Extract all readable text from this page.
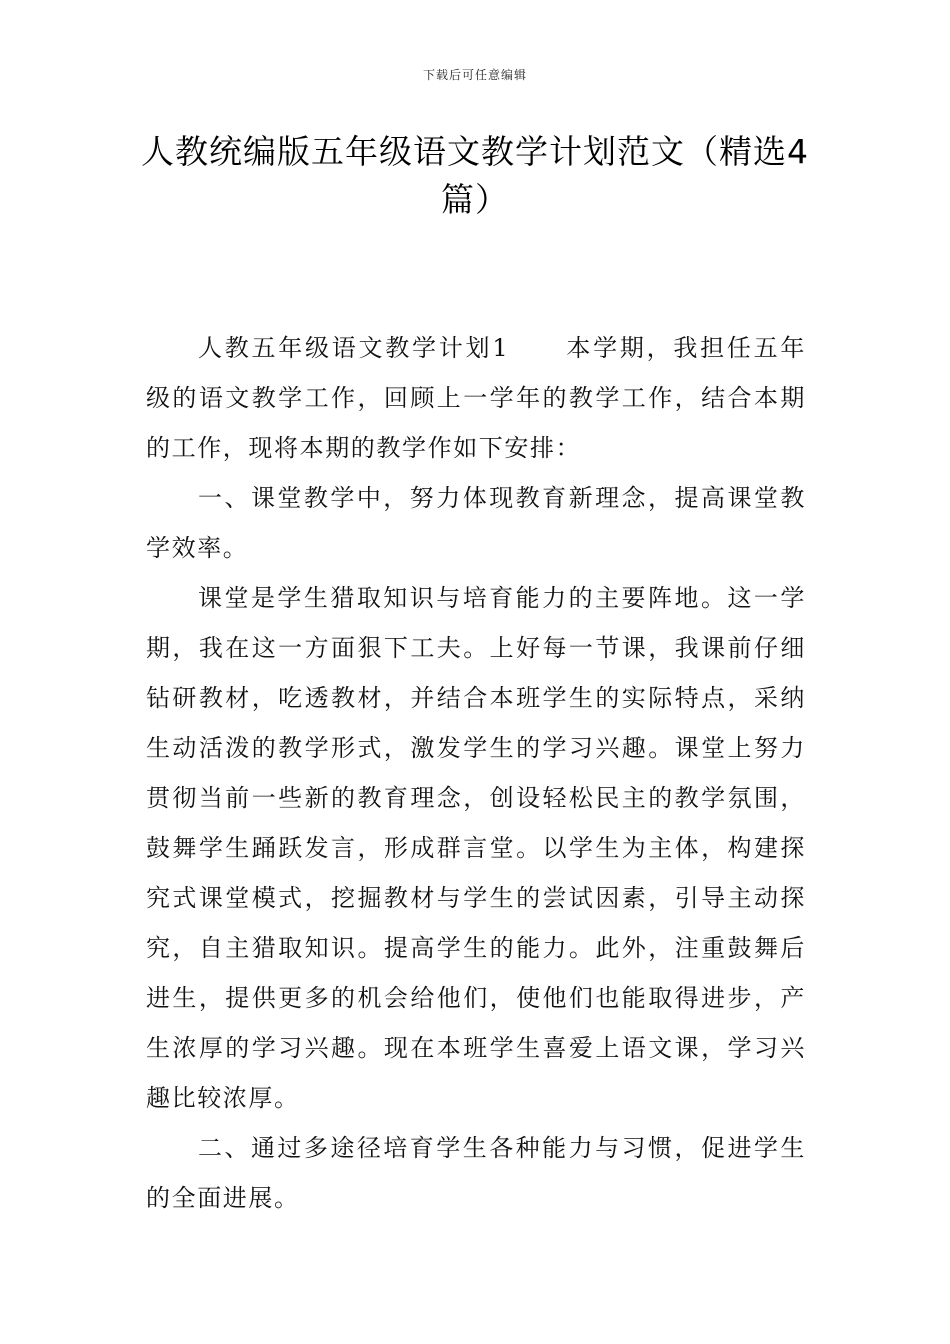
下载后可任意编辑
人教统编版五年级语文教学计划范文（精选4篇）

人教五年级语文教学计划1 本学期，我担任五年级的语文教学工作，回顾上一学年的教学工作，结合本期的工作，现将本期的教学作如下安排：

一、课堂教学中，努力体现教育新理念，提高课堂教学效率。

课堂是学生猎取知识与培育能力的主要阵地。这一学期，我在这一方面狠下工夫。上好每一节课，我课前仔细钻研教材，吃透教材，并结合本班学生的实际特点，采纳生动活泼的教学形式，激发学生的学习兴趣。课堂上努力贯彻当前一些新的教育理念，创设轻松民主的教学氛围，鼓舞学生踊跃发言，形成群言堂。以学生为主体，构建探究式课堂模式，挖掘教材与学生的尝试因素，引导主动探究，自主猎取知识。提高学生的能力。此外，注重鼓舞后进生，提供更多的机会给他们，使他们也能取得进步，产生浓厚的学习兴趣。现在本班学生喜爱上语文课，学习兴趣比较浓厚。

二、通过多途径培育学生各种能力与习惯，促进学生的全面进展。
